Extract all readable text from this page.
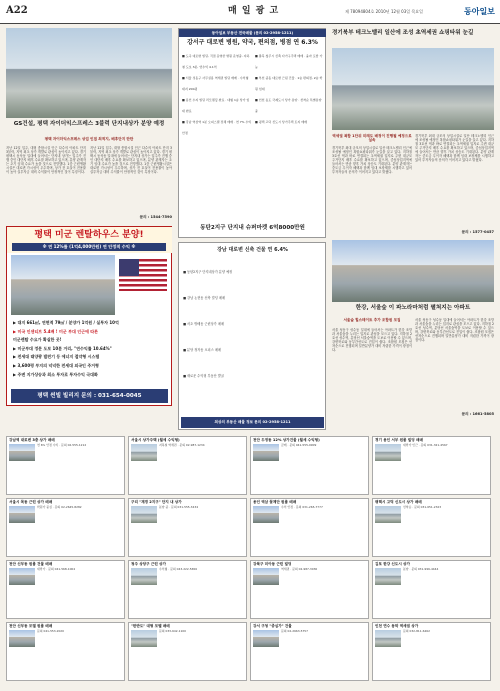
A22	매 일 광 고	제 78094804호 2010년 12월 03일 목요일	동아일보
GS건설, 평택 자이더익스프레스 3블럭 단지내상가 분양 예정
평택 자이더익스프레스 상업 인접 최적지, 배후단지 탄탄
지난 12일 입주, 대형 종합시설 인근 다수의 아파트 단지 3블럭, 지역 최초 상가 개발로 관심이 높아지고 있다. 경기 평택시 동삭동 일대에 들어서는 단지내 상가는 입주가 진행 중인 대단지 배후 수요를 확보하고 있으며, 분양 관계자는 초기 임대 수요가 높을 것으로 전망했다. 1층 근린생활시설은 대로변 가시성이 우수하며, 상가 전 호실이 전용률이 높아 실투자금 대비 수익률이 안정적인 것이 특징이다.
지난 12일 입주, 대형 종합시설 인근 다수의 아파트 단지 3블럭, 지역 최초 상가 개발로 관심이 높아지고 있다. 경기 평택시 동삭동 일대에 들어서는 단지내 상가는 입주가 진행 중인 대단지 배후 수요를 확보하고 있으며, 분양 관계자는 초기 임대 수요가 높을 것으로 전망했다. 1층 근린생활시설은 대로변 가시성이 우수하며, 상가 전 호실이 전용률이 높아 실투자금 대비 수익률이 안정적인 것이 특징이다.
문의 : 1544-7590
평택 미군 렌탈하우스 분양!
※ 연 12%를 (1억4,000만원) 연 안정적 수익 ※
▶ 대지 661㎡, 연면적 79㎡ / 분양가 1억원 / 실투자 10억
▶ 미국 인센티브 5.4배 ! 미군 부대 인근에 따른
미군렌탈 수요가 확실한 곳!
▶ 미군부대 정문 도보 10분 거리, "연수익률 10.64%"
▶ 전세대 태양광 발전기 등 에너지 절약형 시스템
▶ 3,600평 부지의 넉넉한 전세대 외국인 주거형
▶ 주변 지가상승과 최소 투자로 투자수익 극대화
평택 썬빌 빌리지 문의 : 031-654-0045
동아일보 부동산 전국매물 (문의 02-2958-1211)
강서구 대로변 병원, 약국, 편의점, 병점 연 6.3%
■ 도곡 대로변 빌딩, 직접 운영한 병원 운영중. 지하철 도보 3분, 연수익 4.1억
■ 서울 성동구 사무실용 역세권 빌딩 매매 · 수익형 대지 200평
■ 용인 수지 빌딩 리모델링 완료 · 대형 1층 상가 임대 완료
■ 강남 역삼역 1분 오피스텔 전체 매매 · 연 7% 수익 안정
■ 충북 청주시 신축 다가구주택 매매 · 융자 포함 가능
■ 부천 중동 대로변 근린 건물 · 1층 편의점, 2층 학원 임대
■ 인천 송도 국제도시 상가 분양 · 선착순 특별분양 중
■ 평택 고덕 신도시 상가주택 토지 매매
동탄2지구 단지내 슈퍼마켓 6억8000만원
강남 대로변 신축 건물 연 6.4%
■ 동탄2지구 단지내상가 분양 예정
■ 강남 논현동 신축 빌딩 매매
■ 서초 방배동 근린상가 매매
■ 분당 정자동 오피스 매매
■ 새로운 수익형 부동산 발굴
최상의 부동산 매물 정보 문의 02-2958-1211
경기북부 테크노밸리 일산에 조성 초역세권 쇼핑타워 눈길
역세권 복합 1단위 미래도 배정이 진행될 예정으로 실속
경기북부 최대 규모의 상업시설로 일산 테크노밸리 인근에 조성될 예정인 복합쇼핑타워가 눈길을 끌고 있다. 지하철 3호선 역과 바로 연결되는 초역세권 입지로 주변 대규모 주거단지 배후 수요를 확보하고 있으며, 중심상업지역에 들어서는 만큼 향후 가치 상승도 기대된다. 분양 관계자는 중도금 무이자 혜택과 함께 임대 보장제를 시행하고 있어 투자자들의 문의가 이어지고 있다고 밝혔다.
경기북부 최대 규모의 상업시설로 일산 테크노밸리 인근에 조성될 예정인 복합쇼핑타워가 눈길을 끌고 있다. 지하철 3호선 역과 바로 연결되는 초역세권 입지로 주변 대규모 주거단지 배후 수요를 확보하고 있으며, 중심상업지역에 들어서는 만큼 향후 가치 상승도 기대된다. 분양 관계자는 중도금 무이자 혜택과 함께 임대 보장제를 시행하고 있어 투자자들의 문의가 이어지고 있다고 밝혔다.
문의 : 1577-0457
한강, 서울숲 이 파노라마처럼 펼쳐지는 아파트
서울숲 힐스테이트 추가 조합원 모집
서울 성동구 성수동 일대에 들어서는 아파트가 한강 조망과 서울숲을 누리는 입지로 관심을 모으고 있다. 지하철 2호선 성수역, 분당선 서울숲역을 도보로 이용할 수 있으며, 강변북로와 동부간선도로 진입이 쉽다. 조합원 모집은 선착순으로 진행되며 일반분양가 대비 저렴한 가격이 장점이다.
서울 성동구 성수동 일대에 들어서는 아파트가 한강 조망과 서울숲을 누리는 입지로 관심을 모으고 있다. 지하철 2호선 성수역, 분당선 서울숲역을 도보로 이용할 수 있으며, 강변북로와 동부간선도로 진입이 쉽다. 조합원 모집은 선착순으로 진행되며 일반분양가 대비 저렴한 가격이 장점이다.
문의 : 1661-5805
강남역 대로변 3층 상가 매매
연 6% 안정 수익 · 문의 02-555-1212
서울시 상가주택 (월세 수익형)
지하철 역세권 · 문의 02-987-1234
천안 두정동 12% 상가건물 (월세 수익형)
급매 · 문의 041-555-0909
경기 용인 서부 원룸 빌딩 매매
대학가 인근 · 문의 031-321-4567
서울시 목동 근린 상가 매매
학원가 중심 · 문의 02-2645-8282
구리 "재경 2지구" 단지 내 상가
분양 중 · 문의 031-555-3434
용인 역삼 꽃제단 원룸 매매
수익 안정 · 문의 031-265-7777
평택시 고덕 신도시 상가 매매
선착순 · 문의 031-651-2323
천안 신부동 원룸 건물 매매
대학가 · 문의 041-568-1004
청주 상당구 근린 상가
수익형 · 문의 043-222-5656
강북구 미아동 근린 빌딩
역세권 · 문의 02-987-3030
김포 한강 신도시 상가
분양 · 문의 031-996-4444
천안 신부동 모델 원룸 매매
문의 041-553-2020
"한반도" 대형 모텔 매매
문의 033-642-1100
강서 구청 "중심가" 건물
문의 02-2663-5757
인천 연수 동막 역세권 상가
문의 032-811-6262
